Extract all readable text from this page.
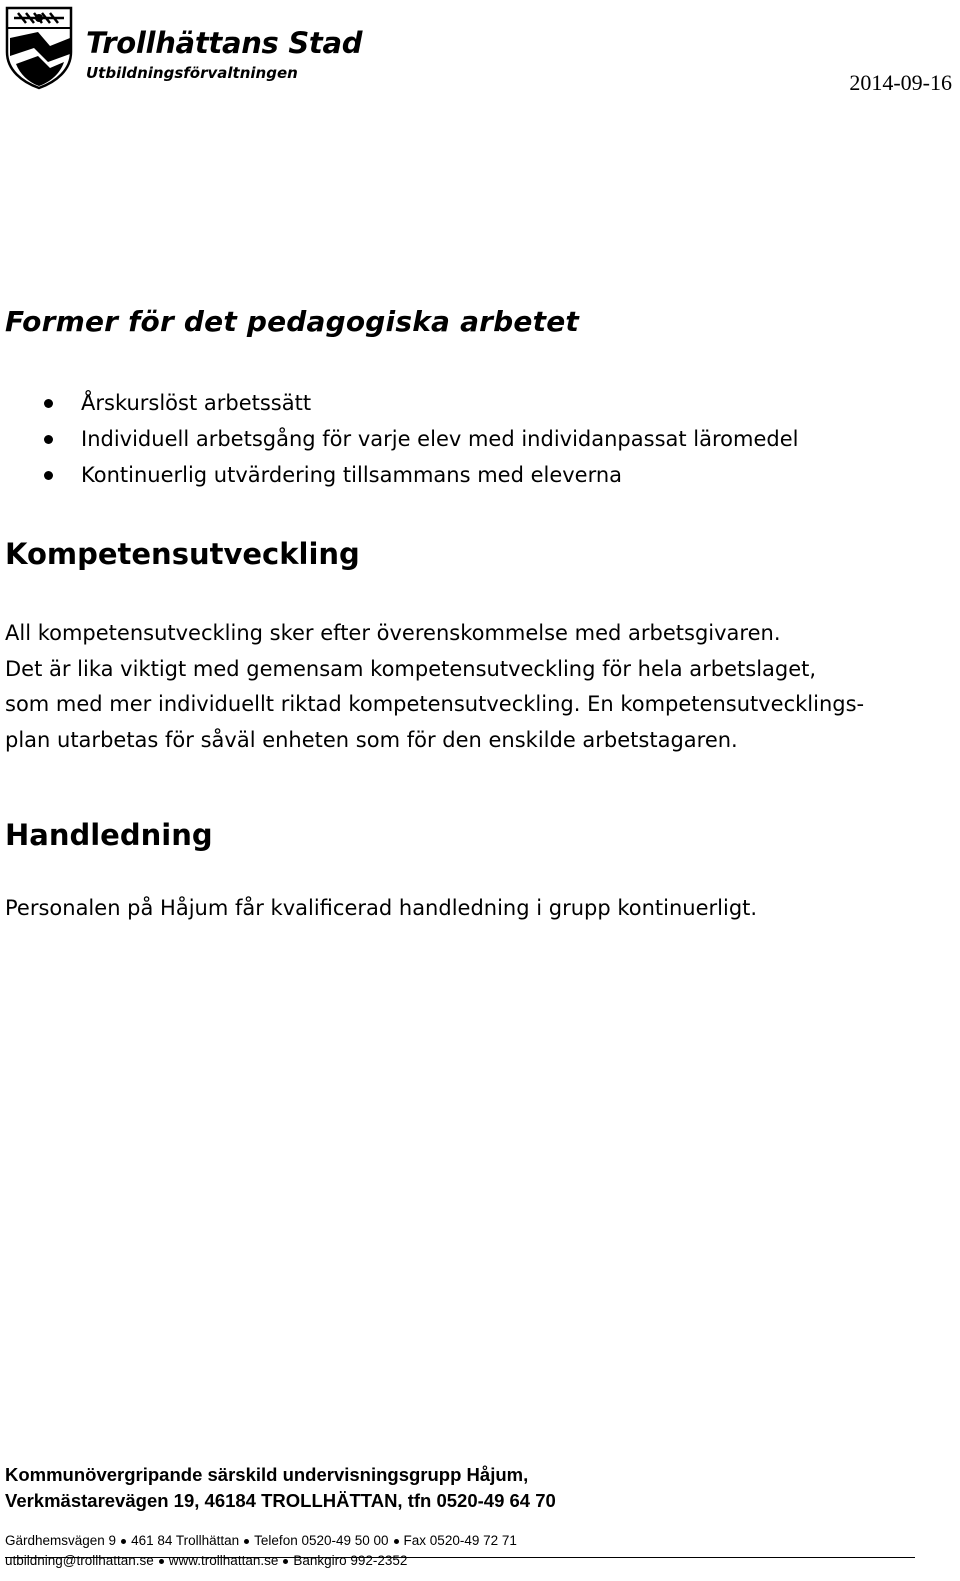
Trollhättans Stad
Utbildningsförvaltningen	2014-09-16
Former för det pedagogiska arbetet
Årskurslöst arbetssätt
Individuell arbetsgång för varje elev med individanpassat läromedel
Kontinuerlig utvärdering tillsammans med eleverna
Kompetensutveckling
All kompetensutveckling sker efter överenskommelse med arbetsgivaren.
Det är lika viktigt med gemensam kompetensutveckling för hela arbetslaget,
som med mer individuellt riktad kompetensutveckling. En kompetensutvecklings-
plan utarbetas för såväl enheten som för den enskilde arbetstagaren.
Handledning
Personalen på Håjum får kvalificerad handledning i grupp kontinuerligt.
Kommunövergripande särskild undervisningsgrupp Håjum,
Verkmästarevägen 19, 46184 TROLLHÄTTAN, tfn 0520-49 64 70
Gärdhemsvägen 9 461 84 Trollhättan Telefon 0520-49 50 00 Fax 0520-49 72 71
utbildning@trollhattan.se www.trollhattan.se Bankgiro 992-2352
